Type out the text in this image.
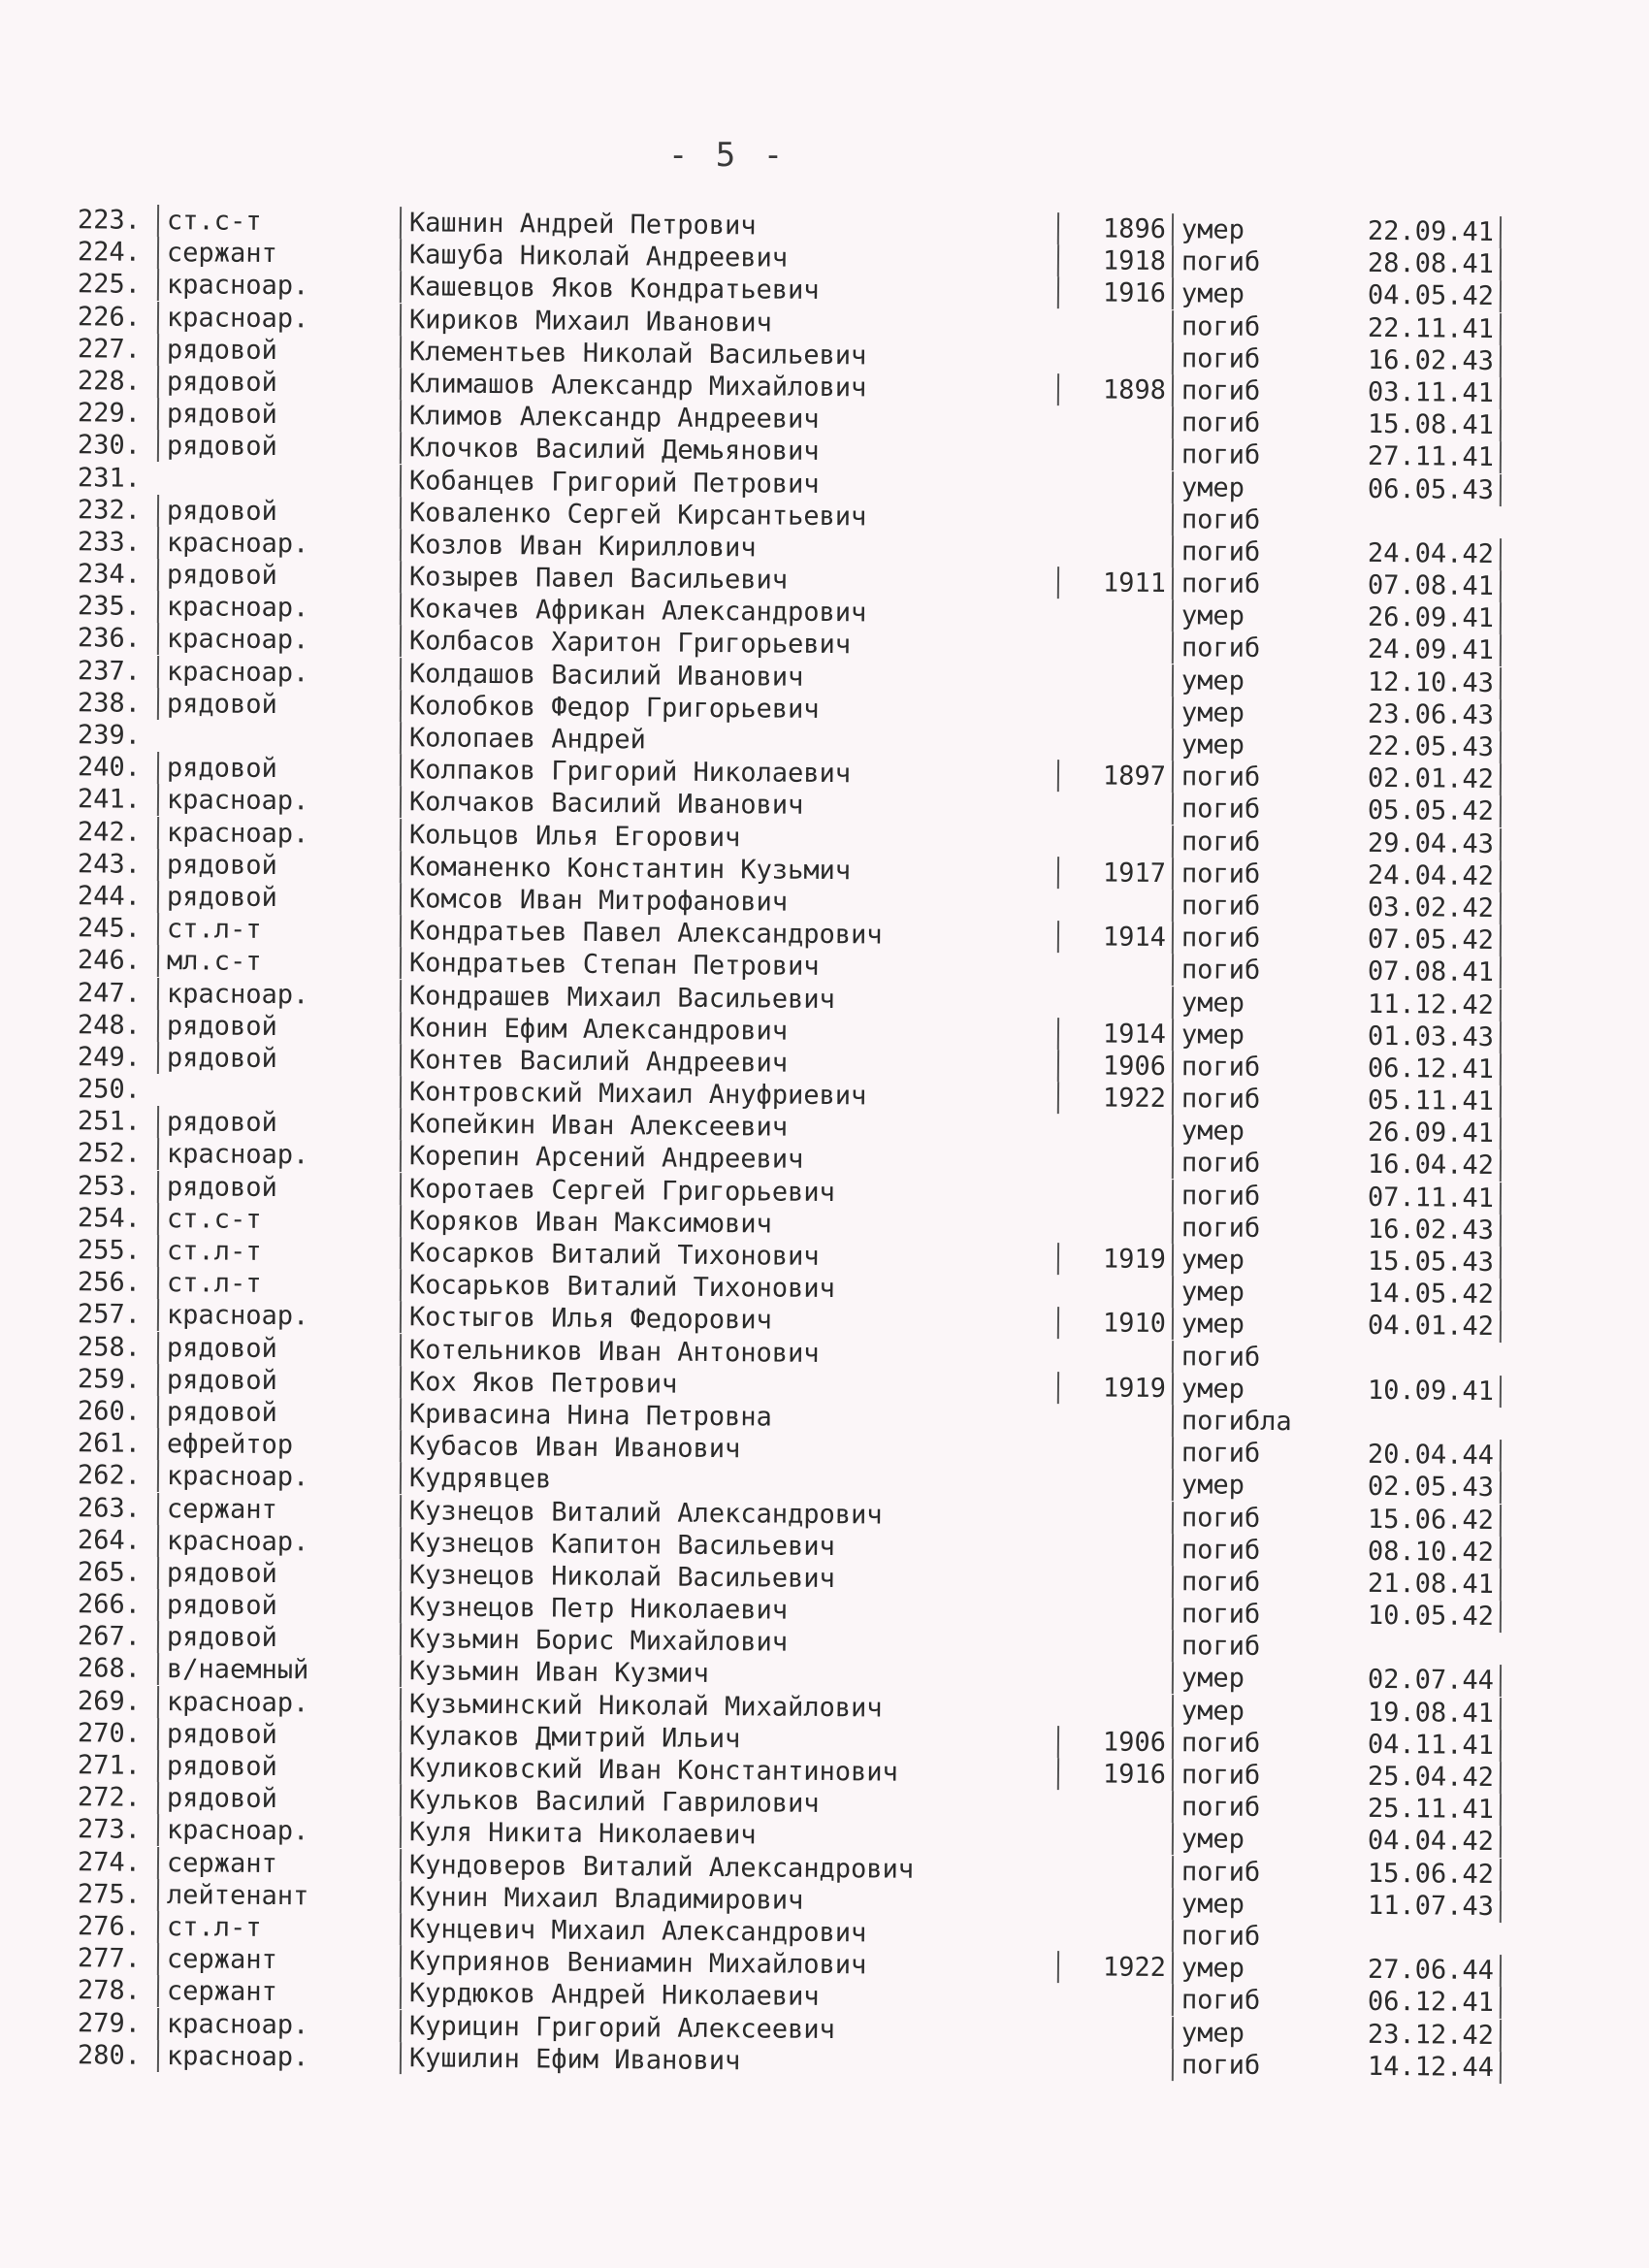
- 5 -
223. ст.с-т	Кашнин Андрей Петрович	1896 умер	22.09.41
224. сержант	Кашуба Николай Андреевич	1918 погиб	28.08.41
225. красноар.	Кашевцов Яков Кондратьевич	1916 умер	04.05.42
226. красноар.	Кириков Михаил Иванович	погиб	22.11.41
227. рядовой	Клементьев Николай Васильевич	погиб	16.02.43
228. рядовой	Климашов Александр Михайлович	1898 погиб	03.11.41
229. рядовой	Климов Александр Андреевич	погиб	15.08.41
230. рядовой	Клочков Василий Демьянович	погиб	27.11.41
231.	Кобанцев Григорий Петрович	умер	06.05.43
232. рядовой	Коваленко Сергей Кирсантьевич	погиб
233. красноар.	Козлов Иван Кириллович	погиб	24.04.42
234. рядовой	Козырев Павел Васильевич	1911 погиб	07.08.41
235. красноар.	Кокачев Африкан Александрович	умер	26.09.41
236. красноар.	Колбасов Харитон Григорьевич	погиб	24.09.41
237. красноар.	Колдашов Василий Иванович	умер	12.10.43
238. рядовой	Колобков Федор Григорьевич	умер	23.06.43
239.	Колопаев Андрей	умер	22.05.43
240. рядовой	Колпаков Григорий Николаевич	1897 погиб	02.01.42
241. красноар.	Колчаков Василий Иванович	погиб	05.05.42
242. красноар.	Кольцов Илья Егорович	погиб	29.04.43
243. рядовой	Команенко Константин Кузьмич	1917 погиб	24.04.42
244. рядовой	Комсов Иван Митрофанович	погиб	03.02.42
245. ст.л-т	Кондратьев Павел Александрович	1914 погиб	07.05.42
246. мл.с-т	Кондратьев Степан Петрович	погиб	07.08.41
247. красноар.	Кондрашев Михаил Васильевич	умер	11.12.42
248. рядовой	Конин Ефим Александрович	1914 умер	01.03.43
249. рядовой	Контев Василий Андреевич	1906 погиб	06.12.41
250.	Контровский Михаил Ануфриевич	1922 погиб	05.11.41
251. рядовой	Копейкин Иван Алексеевич	умер	26.09.41
252. красноар.	Корепин Арсений Андреевич	погиб	16.04.42
253. рядовой	Коротаев Сергей Григорьевич	погиб	07.11.41
254. ст.с-т	Коряков Иван Максимович	погиб	16.02.43
255. ст.л-т	Косарков Виталий Тихонович	1919 умер	15.05.43
256. ст.л-т	Косарьков Виталий Тихонович	умер	14.05.42
257. красноар.	Костыгов Илья Федорович	1910 умер	04.01.42
258. рядовой	Котельников Иван Антонович	погиб
259. рядовой	Кох Яков Петрович	1919 умер	10.09.41
260. рядовой	Кривасина Нина Петровна	погибла
261. ефрейтор	Кубасов Иван Иванович	погиб	20.04.44
262. красноар.	Кудрявцев	умер	02.05.43
263. сержант	Кузнецов Виталий Александрович	погиб	15.06.42
264. красноар.	Кузнецов Капитон Васильевич	погиб	08.10.42
265. рядовой	Кузнецов Николай Васильевич	погиб	21.08.41
266. рядовой	Кузнецов Петр Николаевич	погиб	10.05.42
267. рядовой	Кузьмин Борис Михайлович	погиб
268. в/наемный	Кузьмин Иван Кузмич	умер	02.07.44
269. красноар.	Кузьминский Николай Михайлович	умер	19.08.41
270. рядовой	Кулаков Дмитрий Ильич	1906 погиб	04.11.41
271. рядовой	Куликовский Иван Константинович	1916 погиб	25.04.42
272. рядовой	Кульков Василий Гаврилович	погиб	25.11.41
273. красноар.	Куля Никита Николаевич	умер	04.04.42
274. сержант	Кундоверов Виталий Александрович	погиб	15.06.42
275. лейтенант	Кунин Михаил Владимирович	умер	11.07.43
276. ст.л-т	Кунцевич Михаил Александрович	погиб
277. сержант	Куприянов Вениамин Михайлович	1922 умер	27.06.44
278. сержант	Курдюков Андрей Николаевич	погиб	06.12.41
279. красноар.	Курицин Григорий Алексеевич	умер	23.12.42
280. красноар.	Кушилин Ефим Иванович	погиб	14.12.44
